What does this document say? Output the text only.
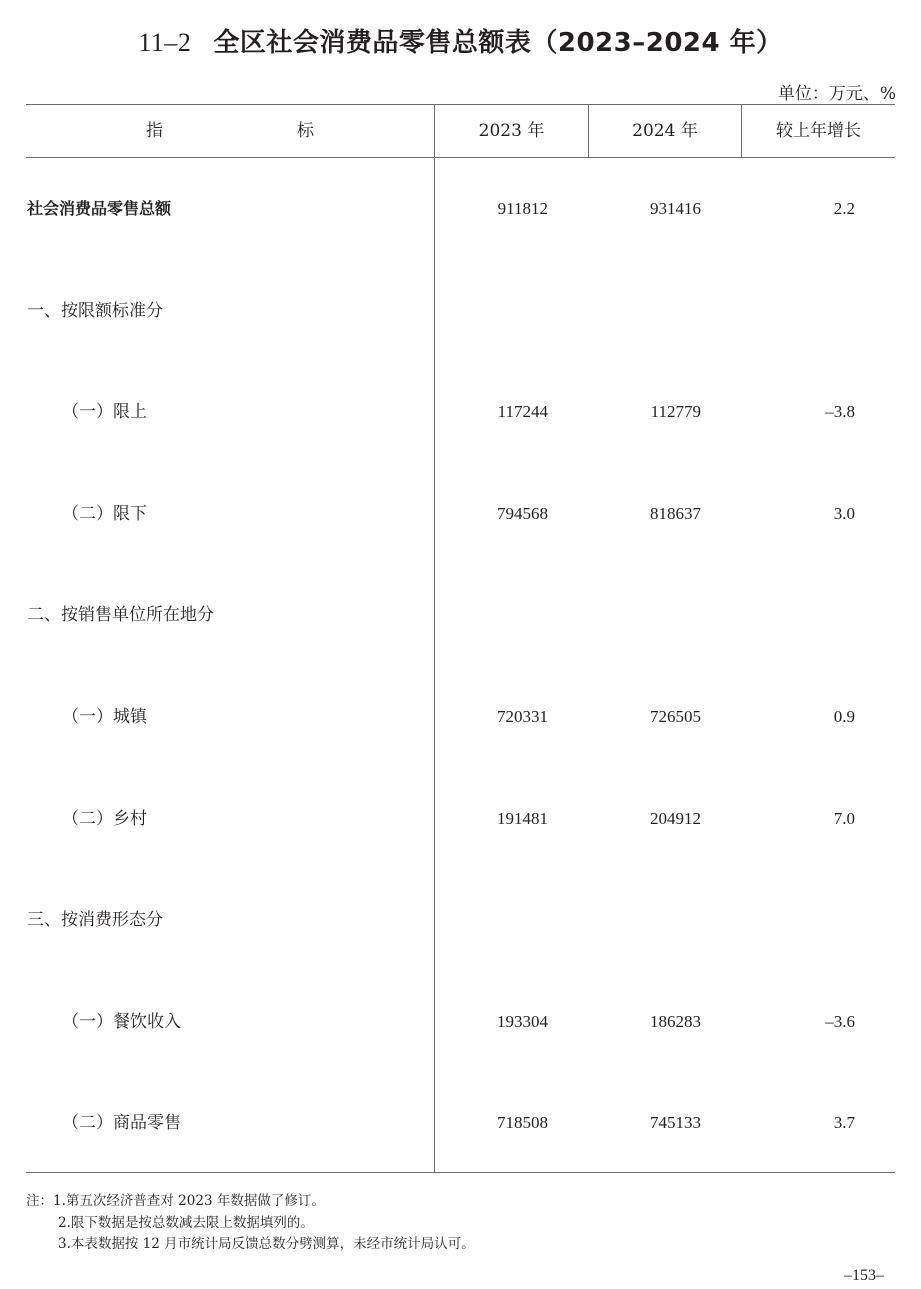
11–2 全区社会消费品零售总额表（2023–2024 年）
单位：万元、%
指	标	2023 年	2024 年	较上年增长
社会消费品零售总额	911812	931416	2.2
一、按限额标准分
（一）限上	117244	112779	–3.8
（二）限下	794568	818637	3.0
二、按销售单位所在地分
（一）城镇	720331	726505	0.9
（二）乡村	191481	204912	7.0
三、按消费形态分
（一）餐饮收入	193304	186283	–3.6
（二）商品零售	718508	745133	3.7
注：1.第五次经济普查对 2023 年数据做了修订。
2.限下数据是按总数减去限上数据填列的。
3.本表数据按 12 月市统计局反馈总数分劈测算，未经市统计局认可。
–153–
